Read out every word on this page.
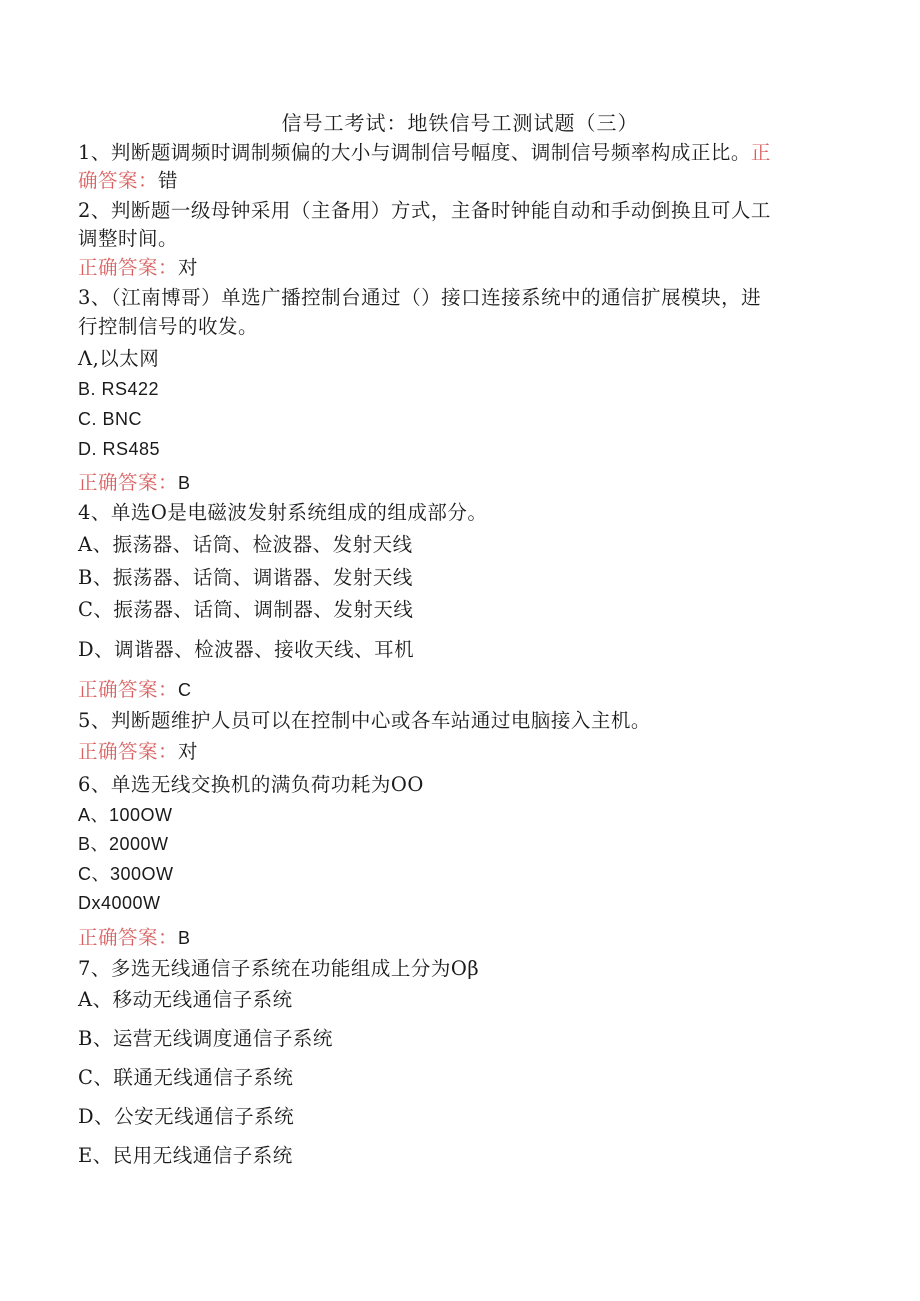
信号工考试：地铁信号工测试题（三）
1、判断题调频时调制频偏的大小与调制信号幅度、调制信号频率构成正比。正
确答案：错
2、判断题一级母钟采用（主备用）方式，主备时钟能自动和手动倒换且可人工
调整时间。
正确答案：对
3、（江南博哥）单选广播控制台通过（）接口连接系统中的通信扩展模块，进
行控制信号的收发。
Λ,以太网
B. RS422
C. BNC
D. RS485
正确答案：B
4、单选O是电磁波发射系统组成的组成部分。
A、振荡器、话筒、检波器、发射天线
B、振荡器、话筒、调谐器、发射天线
C、振荡器、话筒、调制器、发射天线
D、调谐器、检波器、接收天线、耳机
正确答案：C
5、判断题维护人员可以在控制中心或各车站通过电脑接入主机。
正确答案：对
6、单选无线交换机的满负荷功耗为OO
A、100OW
B、2000W
C、300OW
Dx4000W
正确答案：B
7、多选无线通信子系统在功能组成上分为Oβ
A、移动无线通信子系统
B、运营无线调度通信子系统
C、联通无线通信子系统
D、公安无线通信子系统
E、民用无线通信子系统
